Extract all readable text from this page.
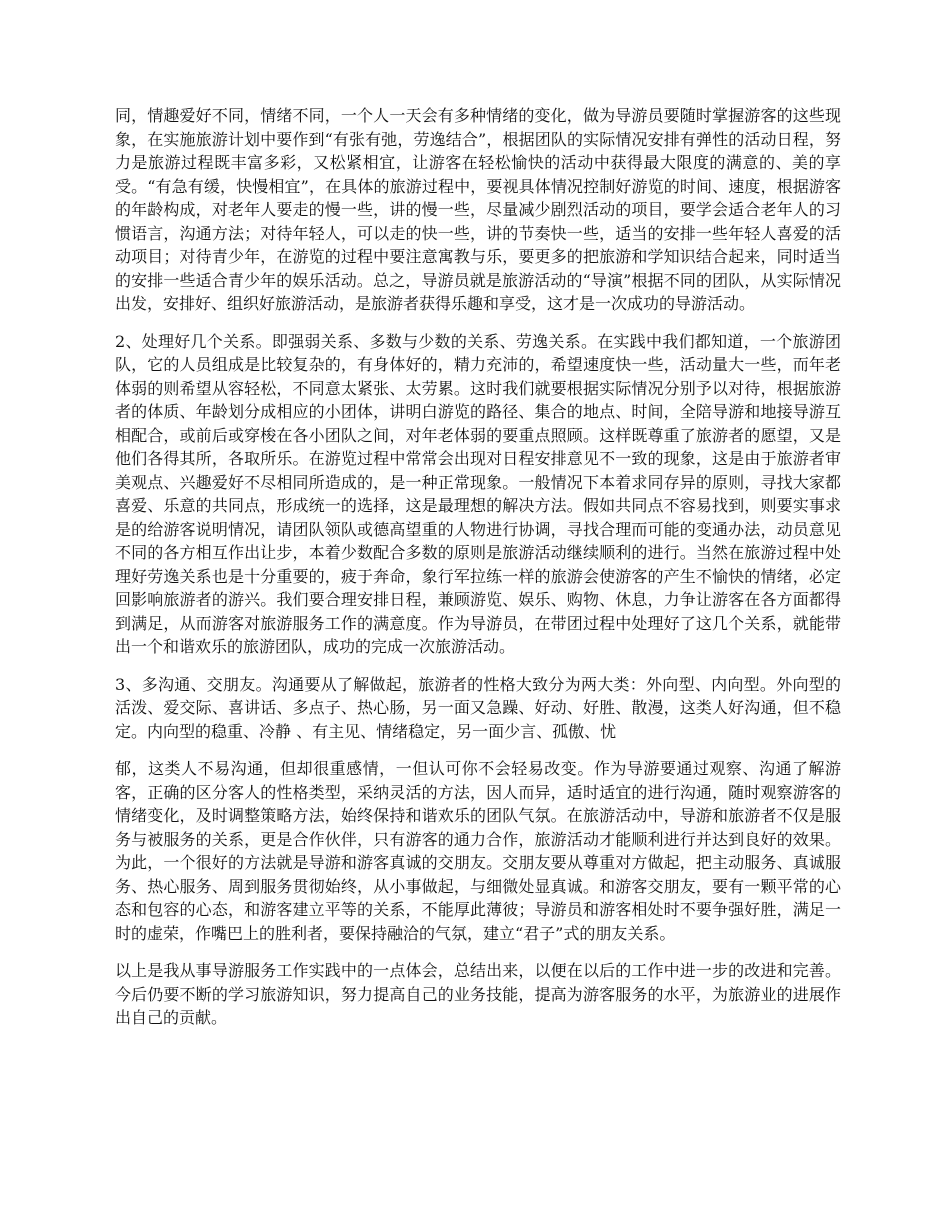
同，情趣爱好不同，情绪不同，一个人一天会有多种情绪的变化，做为导游员要随时掌握游客的这些现象，在实施旅游计划中要作到“有张有弛，劳逸结合”，根据团队的实际情况安排有弹性的活动日程，努力是旅游过程既丰富多彩，又松紧相宜，让游客在轻松愉快的活动中获得最大限度的满意的、美的享受。“有急有缓，快慢相宜”，在具体的旅游过程中，要视具体情况控制好游览的时间、速度，根据游客的年龄构成，对老年人要走的慢一些，讲的慢一些，尽量减少剧烈活动的项目，要学会适合老年人的习惯语言，沟通方法；对待年轻人，可以走的快一些，讲的节奏快一些，适当的安排一些年轻人喜爱的活动项目；对待青少年，在游览的过程中要注意寓教与乐，要更多的把旅游和学知识结合起来，同时适当的安排一些适合青少年的娱乐活动。总之，导游员就是旅游活动的“导演”根据不同的团队，从实际情况出发，安排好、组织好旅游活动，是旅游者获得乐趣和享受，这才是一次成功的导游活动。

2、处理好几个关系。即强弱关系、多数与少数的关系、劳逸关系。在实践中我们都知道，一个旅游团队，它的人员组成是比较复杂的，有身体好的，精力充沛的，希望速度快一些，活动量大一些，而年老体弱的则希望从容轻松，不同意太紧张、太劳累。这时我们就要根据实际情况分别予以对待，根据旅游者的体质、年龄划分成相应的小团体，讲明白游览的路径、集合的地点、时间，全陪导游和地接导游互相配合，或前后或穿梭在各小团队之间，对年老体弱的要重点照顾。这样既尊重了旅游者的愿望，又是他们各得其所，各取所乐。在游览过程中常常会出现对日程安排意见不一致的现象，这是由于旅游者审美观点、兴趣爱好不尽相同所造成的，是一种正常现象。一般情况下本着求同存异的原则，寻找大家都喜爱、乐意的共同点，形成统一的选择，这是最理想的解决方法。假如共同点不容易找到，则要实事求是的给游客说明情况，请团队领队或德高望重的人物进行协调，寻找合理而可能的变通办法，动员意见不同的各方相互作出让步，本着少数配合多数的原则是旅游活动继续顺利的进行。当然在旅游过程中处理好劳逸关系也是十分重要的，疲于奔命，象行军拉练一样的旅游会使游客的产生不愉快的情绪，必定回影响旅游者的游兴。我们要合理安排日程，兼顾游览、娱乐、购物、休息，力争让游客在各方面都得到满足，从而游客对旅游服务工作的满意度。作为导游员，在带团过程中处理好了这几个关系，就能带出一个和谐欢乐的旅游团队，成功的完成一次旅游活动。

3、多沟通、交朋友。沟通要从了解做起，旅游者的性格大致分为两大类：外向型、内向型。外向型的活泼、爱交际、喜讲话、多点子、热心肠，另一面又急躁、好动、好胜、散漫，这类人好沟通，但不稳定。内向型的稳重、冷静 、有主见、情绪稳定，另一面少言、孤傲、忧

郁，这类人不易沟通，但却很重感情，一但认可你不会轻易改变。作为导游要通过观察、沟通了解游客，正确的区分客人的性格类型，采纳灵活的方法，因人而异，适时适宜的进行沟通，随时观察游客的情绪变化，及时调整策略方法，始终保持和谐欢乐的团队气氛。在旅游活动中，导游和旅游者不仅是服务与被服务的关系，更是合作伙伴，只有游客的通力合作，旅游活动才能顺利进行并达到良好的效果。为此，一个很好的方法就是导游和游客真诚的交朋友。交朋友要从尊重对方做起，把主动服务、真诚服务、热心服务、周到服务贯彻始终，从小事做起，与细微处显真诚。和游客交朋友，要有一颗平常的心态和包容的心态，和游客建立平等的关系，不能厚此薄彼；导游员和游客相处时不要争强好胜，满足一时的虚荣，作嘴巴上的胜利者，要保持融洽的气氛，建立“君子”式的朋友关系。

以上是我从事导游服务工作实践中的一点体会，总结出来，以便在以后的工作中进一步的改进和完善。今后仍要不断的学习旅游知识，努力提高自己的业务技能，提高为游客服务的水平，为旅游业的进展作出自己的贡献。
